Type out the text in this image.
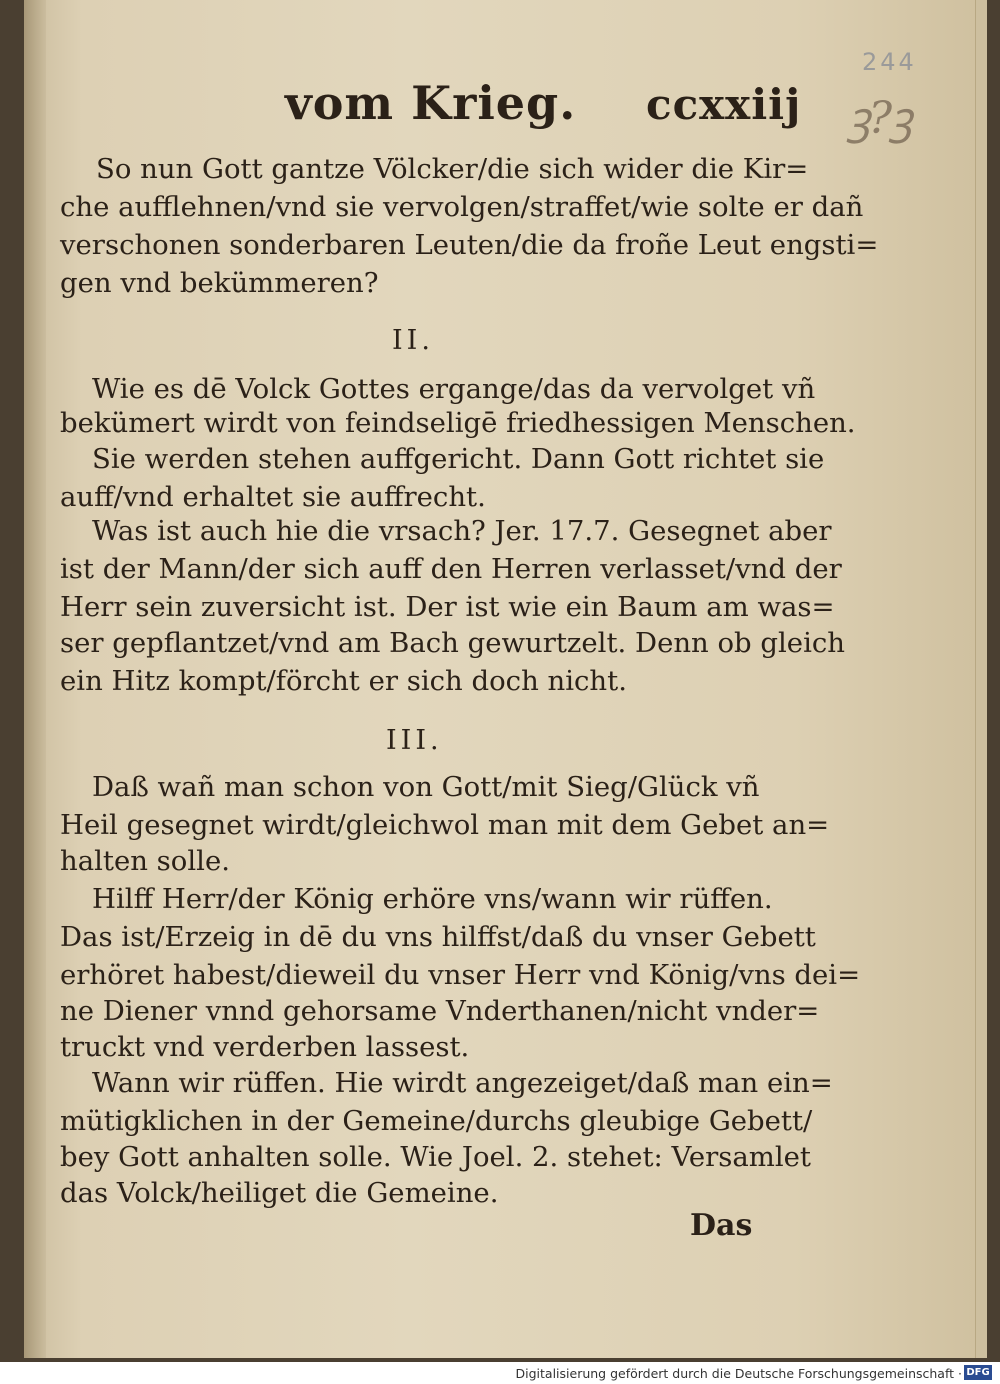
244
ꝫ?ꝫ
vom Krieg. ccxxiij
So nun Gott gantze Völcker/die sich wider die Kir=
che aufflehnen/vnd sie vervolgen/straffet/wie solte er dañ
verschonen sonderbaren Leuten/die da froñe Leut engsti=
gen vnd bekümmeren?
II.
Wie es dē Volck Gottes ergange/das da vervolget vñ
bekümert wirdt von feindseligē friedhessigen Menschen.
Sie werden stehen auffgericht. Dann Gott richtet sie
auff/vnd erhaltet sie auffrecht.
Was ist auch hie die vrsach? Jer. 17.7. Gesegnet aber
ist der Mann/der sich auff den Herren verlasset/vnd der
Herr sein zuversicht ist. Der ist wie ein Baum am was=
ser gepflantzet/vnd am Bach gewurtzelt. Denn ob gleich
ein Hitz kompt/förcht er sich doch nicht.
III.
Daß wañ man schon von Gott/mit Sieg/Glück vñ
Heil gesegnet wirdt/gleichwol man mit dem Gebet an=
halten solle.
Hilff Herr/der König erhöre vns/wann wir rüffen.
Das ist/Erzeig in dē du vns hilffst/daß du vnser Gebett
erhöret habest/dieweil du vnser Herr vnd König/vns dei=
ne Diener vnnd gehorsame Vnderthanen/nicht vnder=
truckt vnd verderben lassest.
Wann wir rüffen. Hie wirdt angezeiget/daß man ein=
mütigklichen in der Gemeine/durchs gleubige Gebett/
bey Gott anhalten solle. Wie Joel. 2. stehet: Versamlet
das Volck/heiliget die Gemeine.
Das
Digitalisierung gefördert durch die Deutsche Forschungsgemeinschaft · DFG
